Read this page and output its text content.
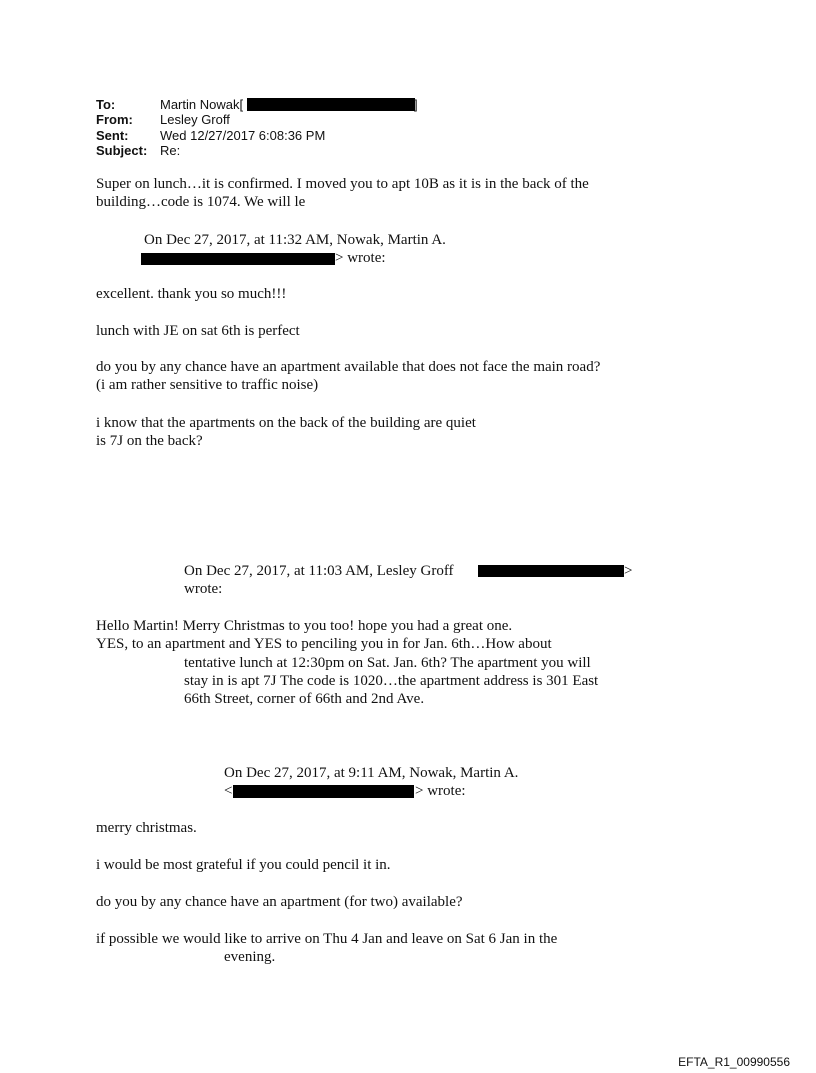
To:	Martin Nowak[	]
From: Lesley Groff
Sent: Wed 12/27/2017 6:08:36 PM
Subject: Re:
Super on lunch…it is confirmed. I moved you to apt 10B as it is in the back of the
building…code is 1074. We will le
On Dec 27, 2017, at 11:32 AM, Nowak, Martin A.
> wrote:
excellent. thank you so much!!!
lunch with JE on sat 6th is perfect
do you by any chance have an apartment available that does not face the main road?
(i am rather sensitive to traffic noise)
i know that the apartments on the back of the building are quiet
is 7J on the back?
On Dec 27, 2017, at 11:03 AM, Lesley Groff	>
wrote:
Hello Martin! Merry Christmas to you too! hope you had a great one.
YES, to an apartment and YES to penciling you in for Jan. 6th…How about
tentative lunch at 12:30pm on Sat. Jan. 6th? The apartment you will
stay in is apt 7J The code is 1020…the apartment address is 301 East
66th Street, corner of 66th and 2nd Ave.
On Dec 27, 2017, at 9:11 AM, Nowak, Martin A.
<	> wrote:
merry christmas.
i would be most grateful if you could pencil it in.
do you by any chance have an apartment (for two) available?
if possible we would like to arrive on Thu 4 Jan and leave on Sat 6 Jan in the
evening.
EFTA_R1_00990556
